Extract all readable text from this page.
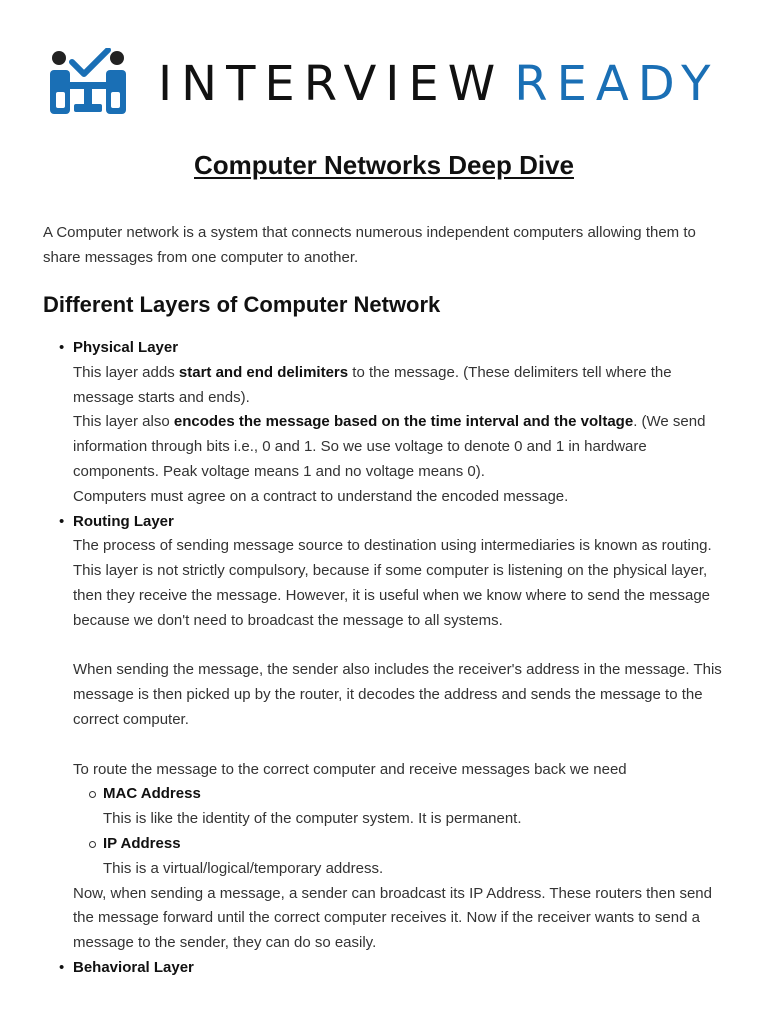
INTERVIEW READY
Computer Networks Deep Dive

A Computer network is a system that connects numerous independent computers allowing them to share messages from one computer to another.

Different Layers of Computer Network
• Physical Layer
This layer adds start and end delimiters to the message. (These delimiters tell where the message starts and ends).
This layer also encodes the message based on the time interval and the voltage. (We send information through bits i.e., 0 and 1. So we use voltage to denote 0 and 1 in hardware components. Peak voltage means 1 and no voltage means 0).
Computers must agree on a contract to understand the encoded message.
• Routing Layer
The process of sending message source to destination using intermediaries is known as routing. This layer is not strictly compulsory, because if some computer is listening on the physical layer, then they receive the message. However, it is useful when we know where to send the message because we don't need to broadcast the message to all systems.
When sending the message, the sender also includes the receiver's address in the message. This message is then picked up by the router, it decodes the address and sends the message to the correct computer.
To route the message to the correct computer and receive messages back we need
MAC Address
This is like the identity of the computer system. It is permanent.
IP Address
This is a virtual/logical/temporary address.
Now, when sending a message, a sender can broadcast its IP Address. These routers then send the message forward until the correct computer receives it. Now if the receiver wants to send a message to the sender, they can do so easily.
• Behavioral Layer
